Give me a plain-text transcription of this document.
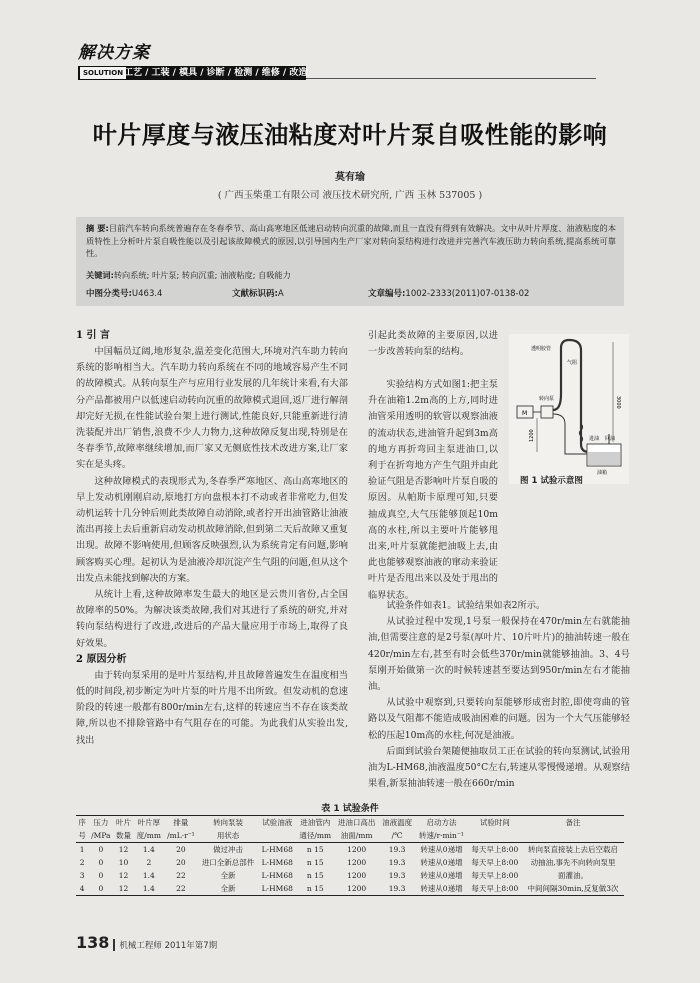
解决方案
SOLUTION 工艺 / 工装 / 模具 / 诊断 / 检测 / 维修 / 改造
叶片厚度与液压油粘度对叶片泵自吸性能的影响
莫有瑜
( 广西玉柴重工有限公司 液压技术研究所, 广西 玉林 537005 )
摘 要:目前汽车转向系统普遍存在冬春季节、高山高寒地区低速启动转向沉重的故障,而且一直没有得到有效解决。文中从叶片厚度、油液粘度的本质特性上分析叶片泵自吸性能以及引起该故障模式的原因,以引导国内生产厂家对转向泵结构进行改进并完善汽车液压助力转向系统,提高系统可靠性。
关键词:转向系统; 叶片泵; 转向沉重; 油液粘度; 自吸能力
中图分类号:U463.4	文献标识码:A	文章编号:1002-2333(2011)07-0138-02
1 引 言

中国幅员辽阔,地形复杂,温差变化范围大,环境对汽车助力转向系统的影响相当大。汽车助力转向系统在不同的地域容易产生不同的故障模式。从转向泵生产与应用行业发展的几年统计来看,有大部分产品都被用户以低速启动转向沉重的故障模式退回,返厂进行解剖却完好无损,在性能试验台架上进行测试,性能良好,只能重新进行清洗装配并出厂销售,浪费不少人力物力,这种故障反复出现,特别是在冬春季节,故障率继续增加,而厂家又无侧底性技术改进方案,让厂家实在是头疼。

这种故障模式的表现形式为,冬春季严寒地区、高山高寒地区的早上发动机刚刚启动,原地打方向盘根本打不动或者非常吃力,但发动机运转十几分钟后则此类故障自动消除,或者拧开出油管路让油液流出再接上去后重新启动发动机故障消除,但到第二天后故障又重复出现。故障不影响使用,但顾客反映强烈,认为系统肯定有问题,影响顾客购买心理。起初认为是油液冷却沉淀产生气阻的问题,但从这个出发点未能找到解决的方案。

从统计上看,这种故障率发生最大的地区是云贵川省份,占全国故障率的50%。为解决该类故障,我们对其进行了系统的研究,并对转向泵结构进行了改进,改进后的产品大量应用于市场上,取得了良好效果。

2 原因分析

由于转向泵采用的是叶片泵结构,并且故障普遍发生在温度相当低的时间段,初步断定为叶片泵的叶片甩不出所致。但发动机的怠速阶段的转速一般都有800r/min左右,这样的转速应当不存在该类故障,所以也不排除管路中有气阻存在的可能。为此我们从实验出发,找出

引起此类故障的主要原因,以进一步改善转向泵的结构。

M
1200
3000
透明胶管
气阻
转向泵
进油 回油
油箱
图 1 试验示意图

实验结构方式如图1:把主泵升在油箱1.2m高的上方,同时进油管采用透明的软管以观察油液的流动状态,进油管升起到3m高的地方再折弯回主泵进油口,以利于在折弯地方产生气阻并由此验证气阻是否影响叶片泵自吸的原因。从帕斯卡原理可知,只要抽成真空,大气压能够顶起10m高的水柱,所以主要叶片能够甩出来,叶片泵就能把油吸上去,由此也能够观察油液的窜动来验证叶片是否甩出来以及处于甩出的临界状态。

试验条件如表1。试验结果如表2所示。

从试验过程中发现,1号泵一般保持在470r/min左右就能抽油,但需要注意的是2号泵(厚叶片、10片叶片)的抽油转速一般在420r/min左右,甚至有时会低些370r/min就能够抽油。3、4号泵刚开始做第一次的时候转速甚至要达到950r/min左右才能抽油。

从试验中观察到,只要转向泵能够形成密封腔,即使弯曲的管路以及气阻都不能造成吸油困难的问题。因为一个大气压能够轻松的压起10m高的水柱,何况是油液。

后面到试验台架随便抽取员工正在试验的转向泵测试,试验用油为L-HM68,油液温度50°C左右,转速从零慢慢递增。从观察结果看,新泵抽油转速一般在660r/min

表 1 试验条件
序	压力	叶片	叶片厚	排量	转向泵装	试验油液	进油管内	进油口高出	油液温度	启动方法	试验时间	备注
号	/MPa	数量	度/mm	/mL·r⁻¹	用状态		通径/mm	油面/mm	/℃	转速/r·min⁻¹		
1	0	12	1.4	20	做过冲击	L-HM68	n 15	1200	19.3	转速从0递增	每天早上8:00	转向泵直接装上去后空载启
2	0	10	2	20	进口全新总部件	L-HM68	n 15	1200	19.3	转速从0递增	每天早上8:00	动抽油,事先不向转向泵里
3	0	12	1.4	22	全新	L-HM68	n 15	1200	19.3	转速从0递增	每天早上8:00	面灌油。
4	0	12	1.4	22	全新	L-HM68	n 15	1200	19.3	转速从0递增	每天早上8:00	中间间隔30min,反复做3次
138 机械工程师 2011年第7期
